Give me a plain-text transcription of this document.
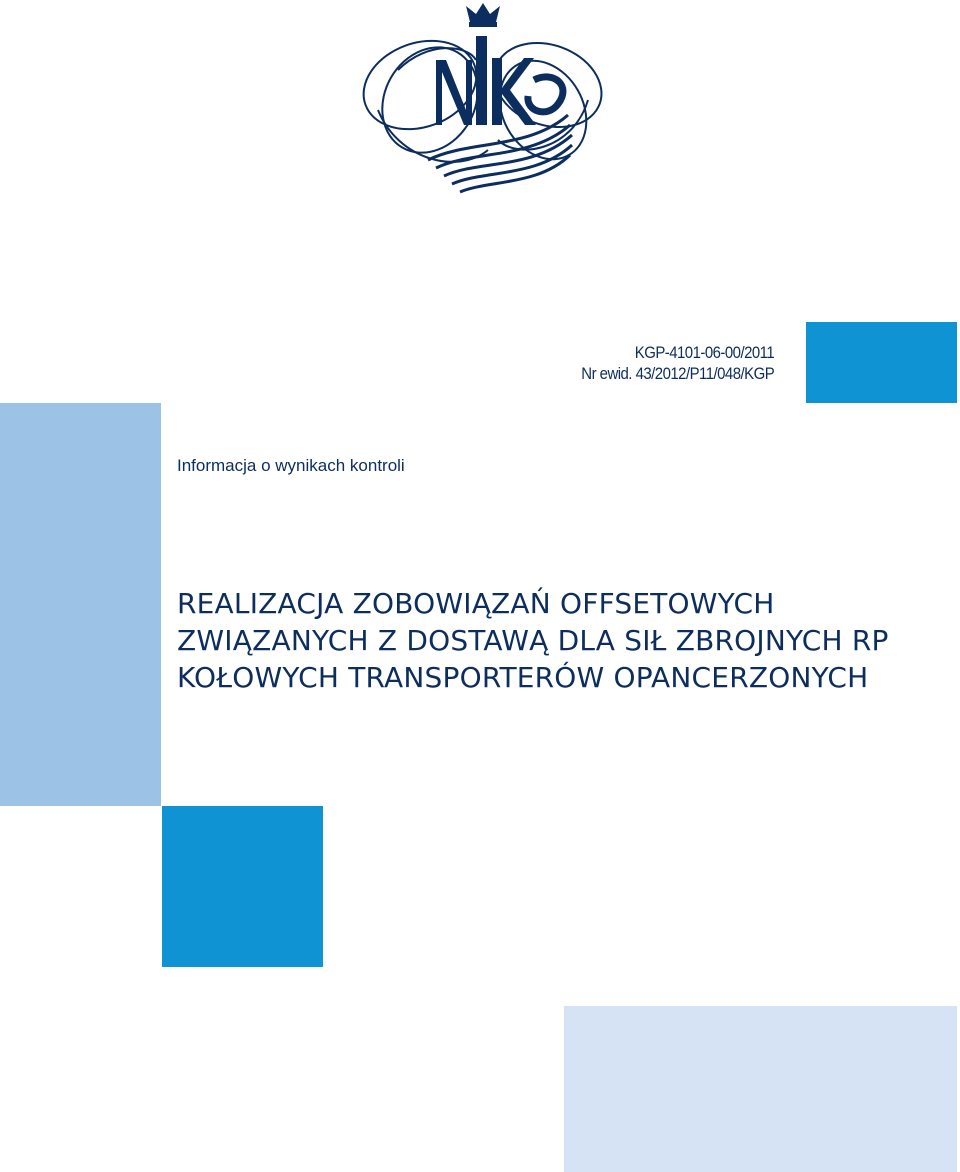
KGP-4101-06-00/2011
Nr ewid. 43/2012/P11/048/KGP
Informacja o wynikach kontroli
REALIZACJA ZOBOWIĄZAŃ OFFSETOWYCH
ZWIĄZANYCH Z DOSTAWĄ DLA SIŁ ZBROJNYCH RP
KOŁOWYCH TRANSPORTERÓW OPANCERZONYCH
